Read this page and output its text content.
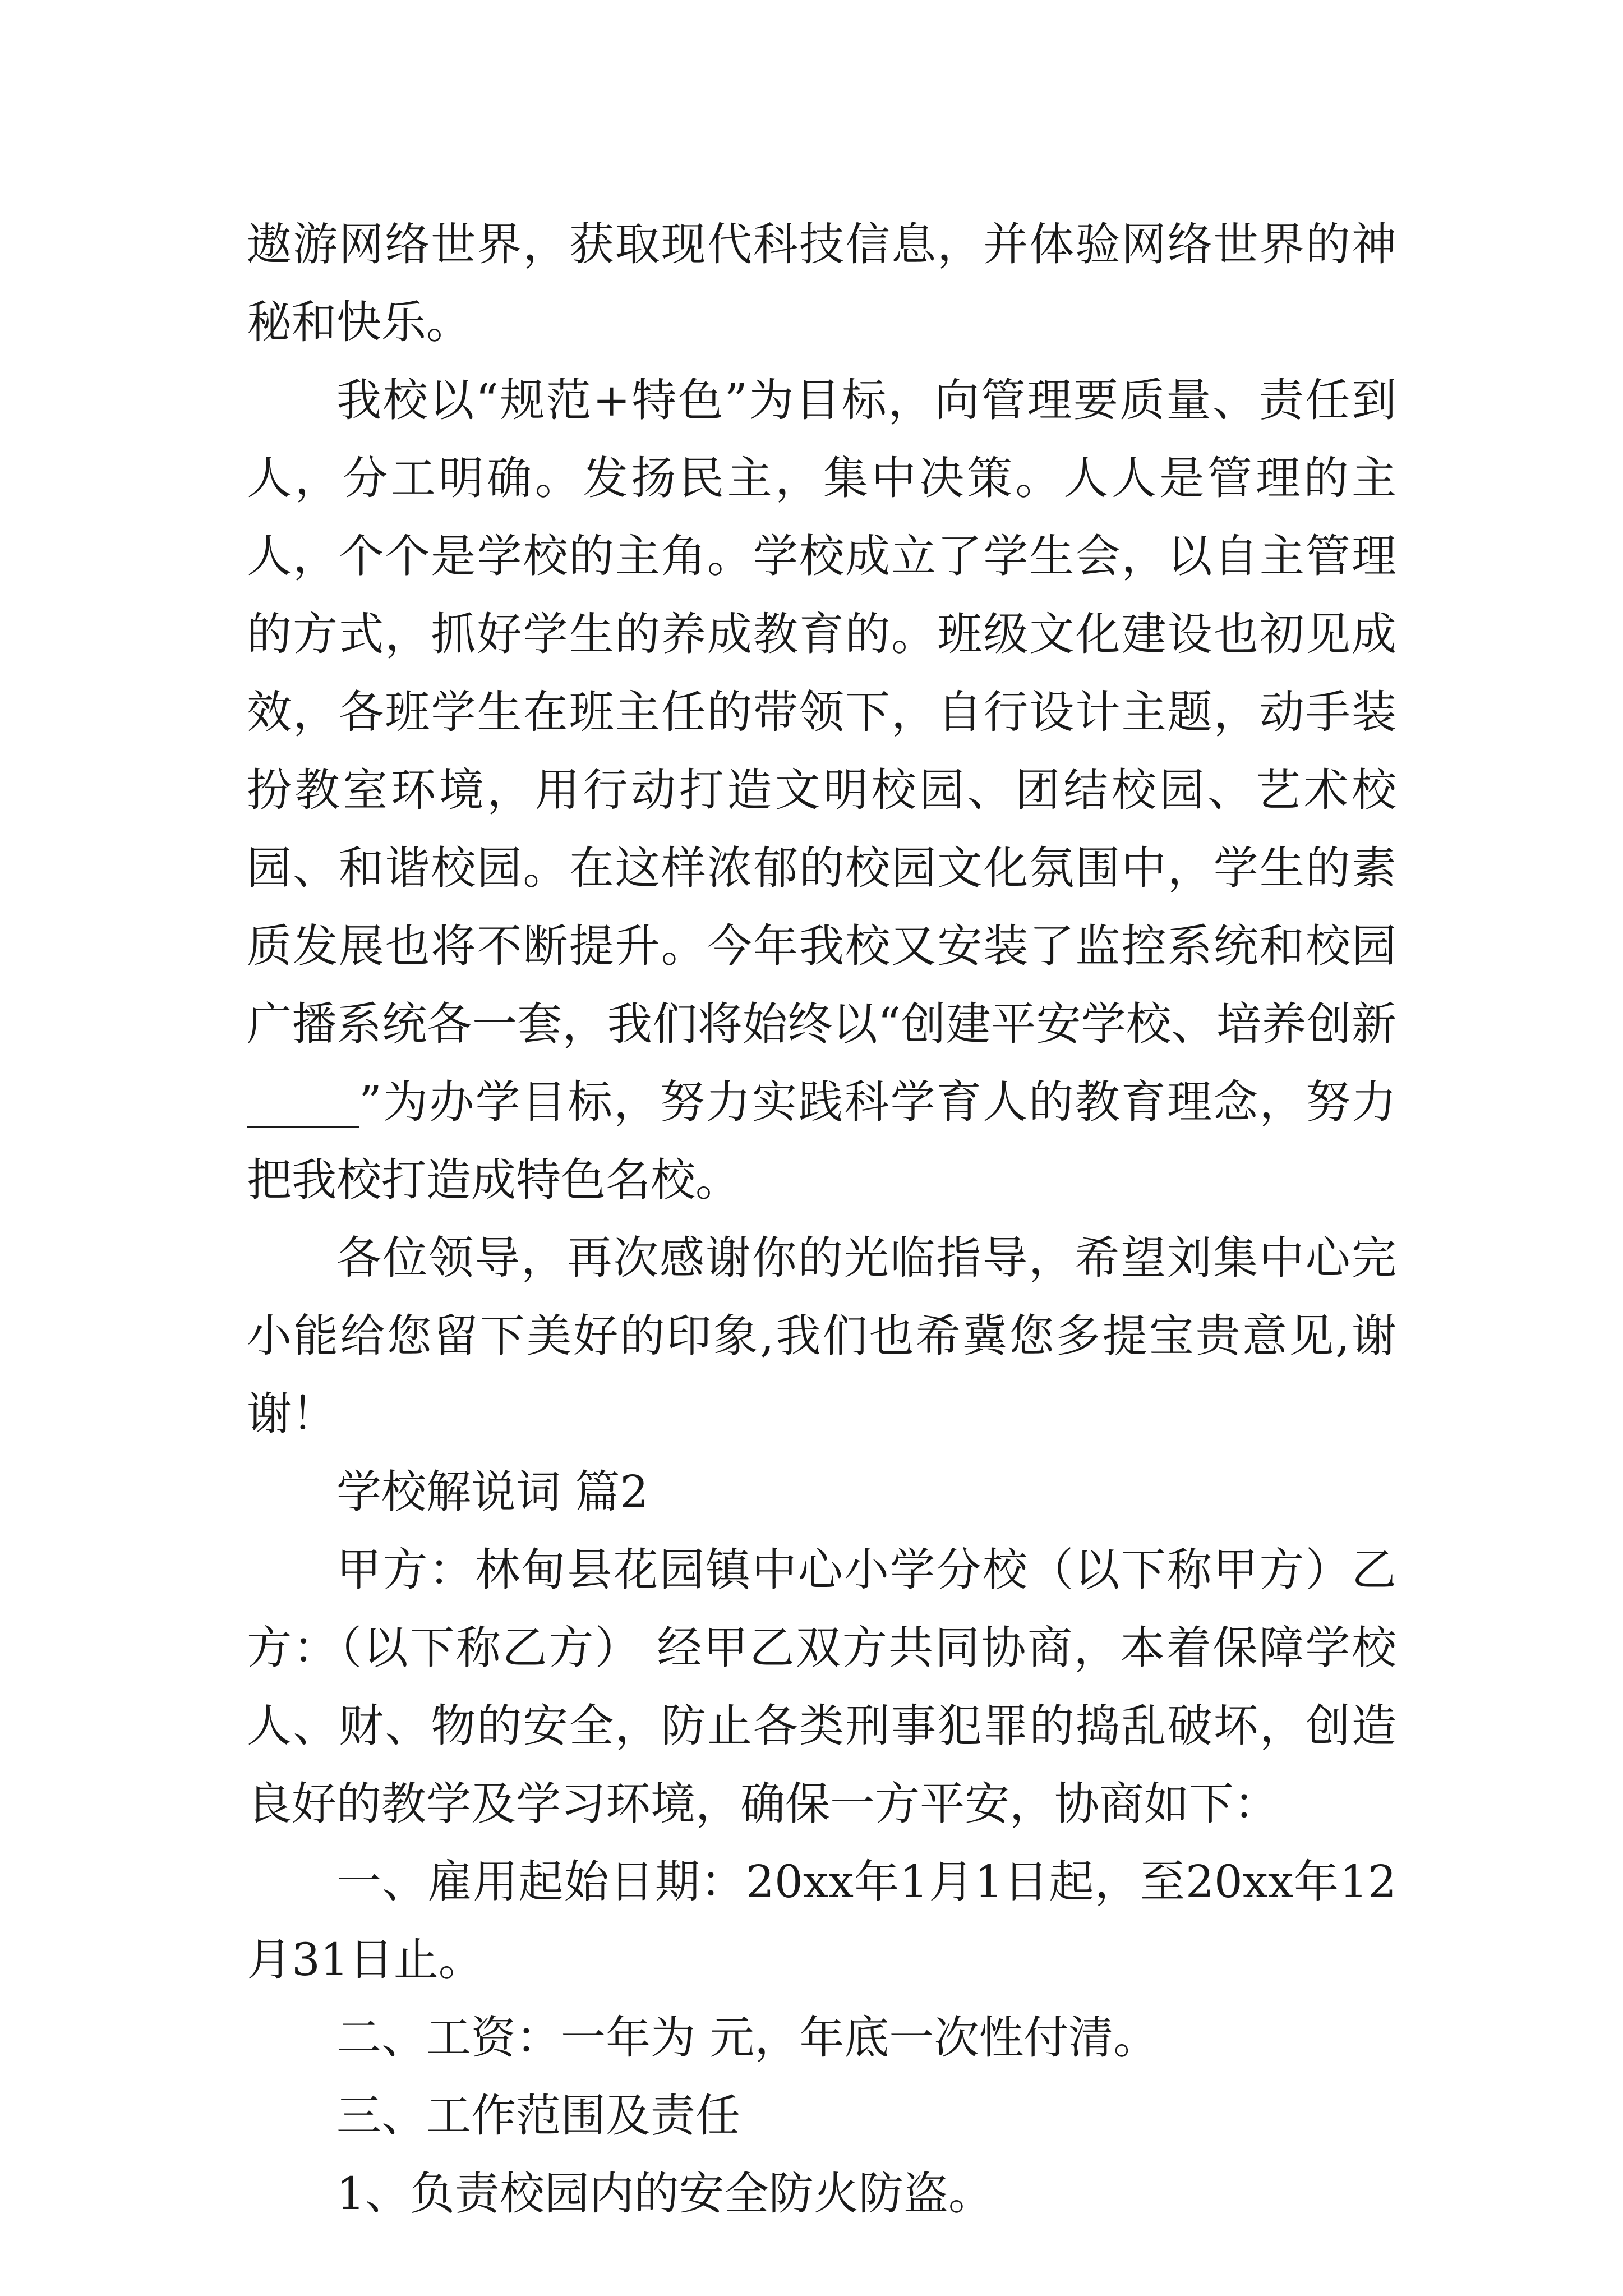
遨游网络世界，获取现代科技信息，并体验网络世界的神秘和快乐。

我校以“规范+特色”为目标，向管理要质量、责任到人，分工明确。发扬民主，集中决策。人人是管理的主人，个个是学校的主角。学校成立了学生会，以自主管理的方式，抓好学生的养成教育的。班级文化建设也初见成效，各班学生在班主任的带领下，自行设计主题，动手装扮教室环境，用行动打造文明校园、团结校园、艺术校园、和谐校园。在这样浓郁的校园文化氛围中，学生的素质发展也将不断提升。今年我校又安装了监控系统和校园广播系统各一套，我们将始终以“创建平安学校、培养创新_____”为办学目标，努力实践科学育人的教育理念，努力把我校打造成特色名校。

各位领导，再次感谢你的光临指导，希望刘集中心完小能给您留下美好的印象,我们也希冀您多提宝贵意见,谢谢！

学校解说词 篇2

甲方：林甸县花园镇中心小学分校（以下称甲方）乙方：（以下称乙方） 经甲乙双方共同协商，本着保障学校人、财、物的安全，防止各类刑事犯罪的捣乱破坏，创造良好的教学及学习环境，确保一方平安，协商如下：

一、雇用起始日期：20xx年1月1日起，至20xx年12月31日止。

二、工资：一年为 元，年底一次性付清。

三、工作范围及责任

1、负责校园内的安全防火防盗。
